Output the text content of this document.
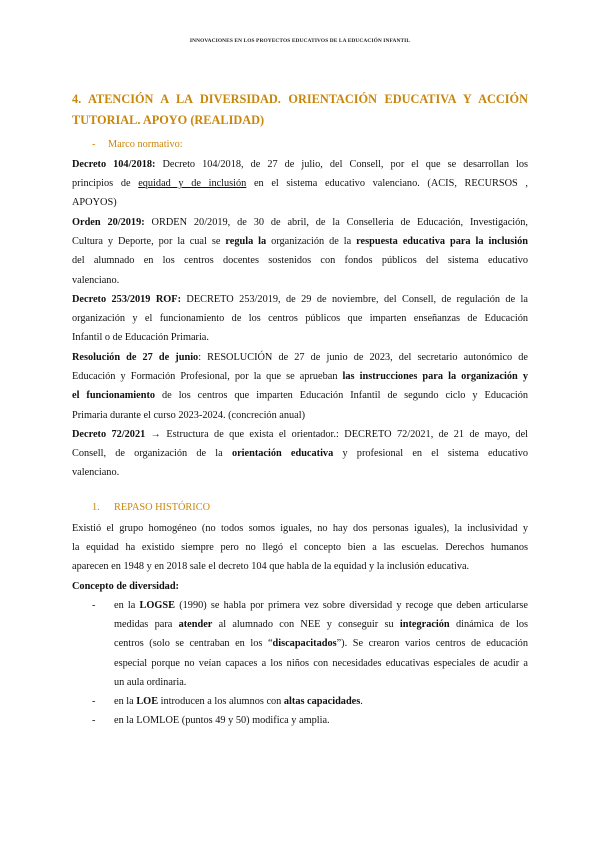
INNOVACIONES EN LOS PROYECTOS EDUCATIVOS DE LA EDUCACIÓN INFANTIL
4. ATENCIÓN A LA DIVERSIDAD. ORIENTACIÓN EDUCATIVA Y ACCIÓN TUTORIAL. APOYO (REALIDAD)
- Marco normativo:
Decreto 104/2018: Decreto 104/2018, de 27 de julio, del Consell, por el que se desarrollan los
principios de equidad y de inclusión en el sistema educativo valenciano. (ACIS, RECURSOS ,
APOYOS)
Orden 20/2019: ORDEN 20/2019, de 30 de abril, de la Conselleria de Educación, Investigación,
Cultura y Deporte, por la cual se regula la organización de la respuesta educativa para la inclusión
del alumnado en los centros docentes sostenidos con fondos públicos del sistema educativo
valenciano.
Decreto 253/2019 ROF: DECRETO 253/2019, de 29 de noviembre, del Consell, de regulación de la
organización y el funcionamiento de los centros públicos que imparten enseñanzas de Educación
Infantil o de Educación Primaria.
Resolución de 27 de junio: RESOLUCIÓN de 27 de junio de 2023, del secretario autonómico de
Educación y Formación Profesional, por la que se aprueban las instrucciones para la organización y
el funcionamiento de los centros que imparten Educación Infantil de segundo ciclo y Educación
Primaria durante el curso 2023-2024. (concreción anual)
Decreto 72/2021 → Estructura de que exista el orientador.: DECRETO 72/2021, de 21 de mayo, del
Consell, de organización de la orientación educativa y profesional en el sistema educativo
valenciano.
1. REPASO HISTÓRICO
Existió el grupo homogéneo (no todos somos iguales, no hay dos personas iguales), la inclusividad y
la equidad ha existido siempre pero no llegó el concepto bien a las escuelas. Derechos humanos
aparecen en 1948 y en 2018 sale el decreto 104 que habla de la equidad y la inclusión educativa.
Concepto de diversidad:
- en la LOGSE (1990) se habla por primera vez sobre diversidad y recoge que deben articularse
medidas para atender al alumnado con NEE y conseguir su integración dinámica de los
centros (solo se centraban en los “discapacitados”). Se crearon varios centros de educación
especial porque no veían capaces a los niños con necesidades educativas especiales de acudir a
un aula ordinaria.
- en la LOE introducen a los alumnos con altas capacidades.
- en la LOMLOE (puntos 49 y 50) modifica y amplia.
